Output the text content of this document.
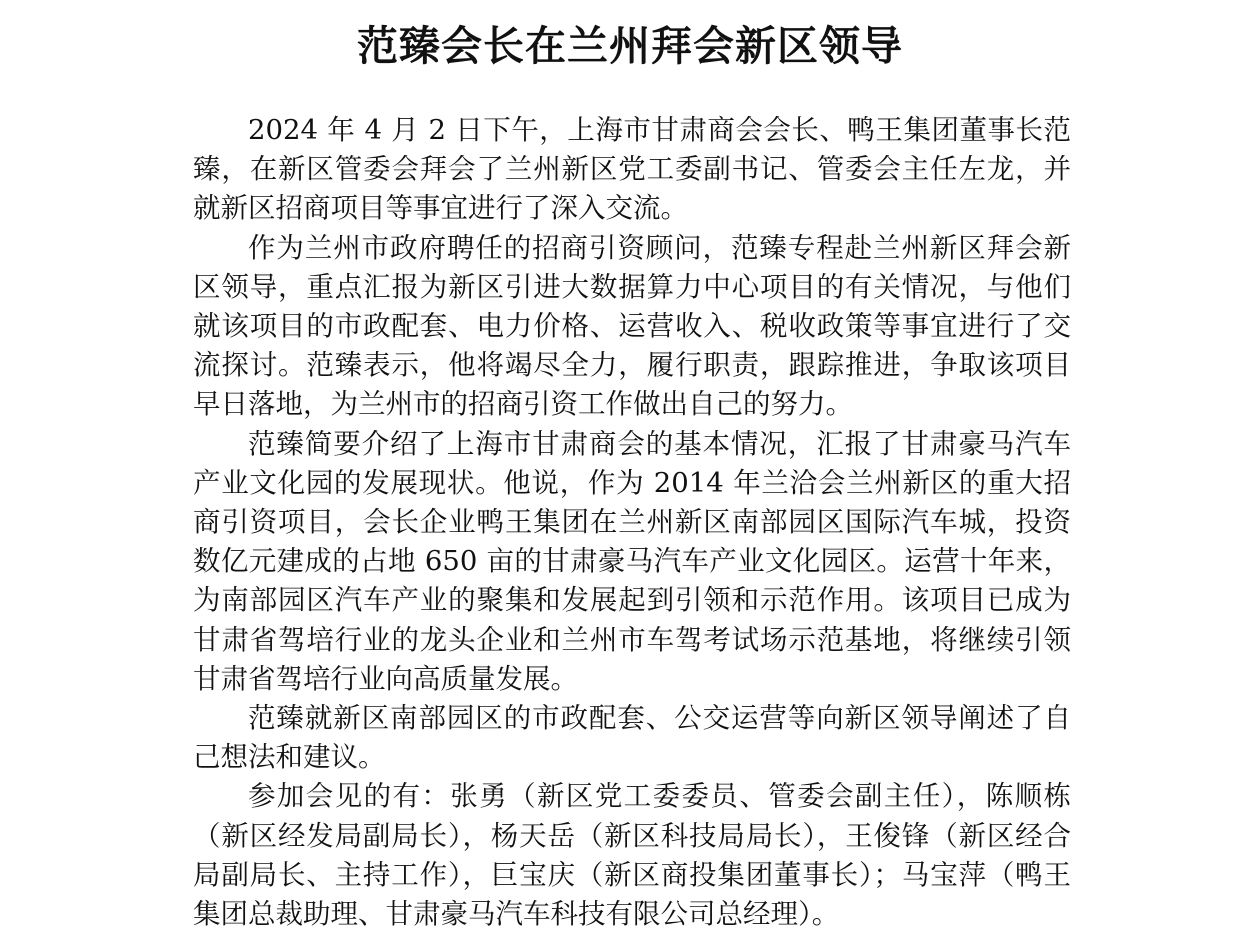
范臻会长在兰州拜会新区领导

2024 年 4 月 2 日下午，上海市甘肃商会会长、鸭王集团董事长范臻，在新区管委会拜会了兰州新区党工委副书记、管委会主任左龙，并就新区招商项目等事宜进行了深入交流。

作为兰州市政府聘任的招商引资顾问，范臻专程赴兰州新区拜会新区领导，重点汇报为新区引进大数据算力中心项目的有关情况，与他们就该项目的市政配套、电力价格、运营收入、税收政策等事宜进行了交流探讨。范臻表示，他将竭尽全力，履行职责，跟踪推进，争取该项目早日落地，为兰州市的招商引资工作做出自己的努力。

范臻简要介绍了上海市甘肃商会的基本情况，汇报了甘肃豪马汽车产业文化园的发展现状。他说，作为 2014 年兰洽会兰州新区的重大招商引资项目，会长企业鸭王集团在兰州新区南部园区国际汽车城，投资数亿元建成的占地 650 亩的甘肃豪马汽车产业文化园区。运营十年来，为南部园区汽车产业的聚集和发展起到引领和示范作用。该项目已成为甘肃省驾培行业的龙头企业和兰州市车驾考试场示范基地，将继续引领甘肃省驾培行业向高质量发展。

范臻就新区南部园区的市政配套、公交运营等向新区领导阐述了自己想法和建议。

参加会见的有：张勇（新区党工委委员、管委会副主任），陈顺栋（新区经发局副局长），杨天岳（新区科技局局长），王俊锋（新区经合局副局长、主持工作），巨宝庆（新区商投集团董事长）；马宝萍（鸭王集团总裁助理、甘肃豪马汽车科技有限公司总经理）。
